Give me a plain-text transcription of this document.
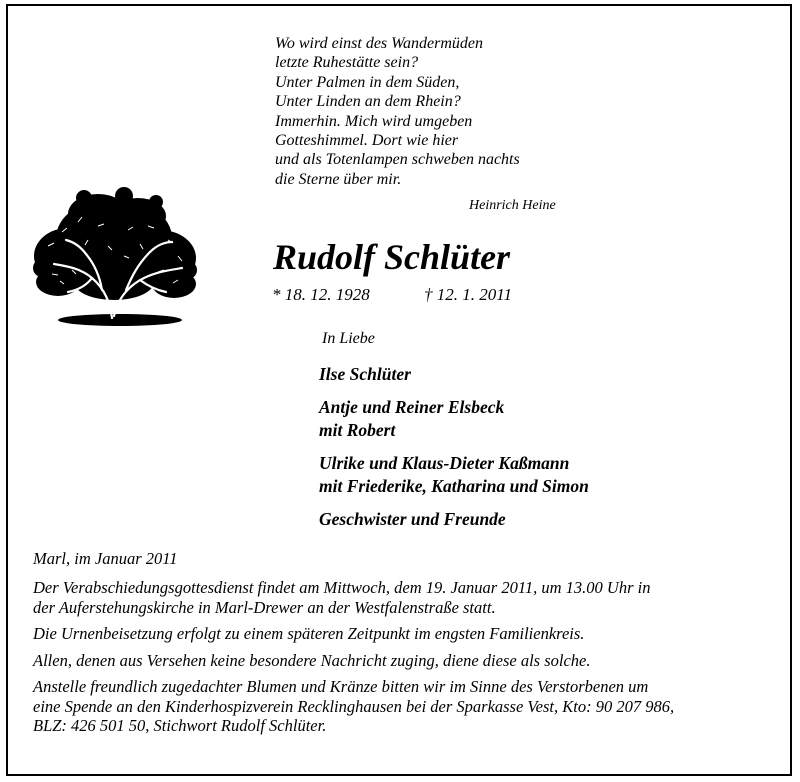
Wo wird einst des Wandermüden
letzte Ruhestätte sein?
Unter Palmen in dem Süden,
Unter Linden an dem Rhein?
Immerhin. Mich wird umgeben
Gotteshimmel. Dort wie hier
und als Totenlampen schweben nachts
die Sterne über mir.
Heinrich Heine
Rudolf Schlüter
* 18. 12. 1928	† 12. 1. 2011
In Liebe
Ilse Schlüter
Antje und Reiner Elsbeck
mit Robert
Ulrike und Klaus-Dieter Kaßmann
mit Friederike, Katharina und Simon
Geschwister und Freunde
Marl, im Januar 2011
Der Verabschiedungsgottesdienst findet am Mittwoch, dem 19. Januar 2011, um 13.00 Uhr in
der Auferstehungskirche in Marl-Drewer an der Westfalenstraße statt.
Die Urnenbeisetzung erfolgt zu einem späteren Zeitpunkt im engsten Familienkreis.
Allen, denen aus Versehen keine besondere Nachricht zuging, diene diese als solche.
Anstelle freundlich zugedachter Blumen und Kränze bitten wir im Sinne des Verstorbenen um
eine Spende an den Kinderhospizverein Recklinghausen bei der Sparkasse Vest, Kto: 90 207 986,
BLZ: 426 501 50, Stichwort Rudolf Schlüter.
